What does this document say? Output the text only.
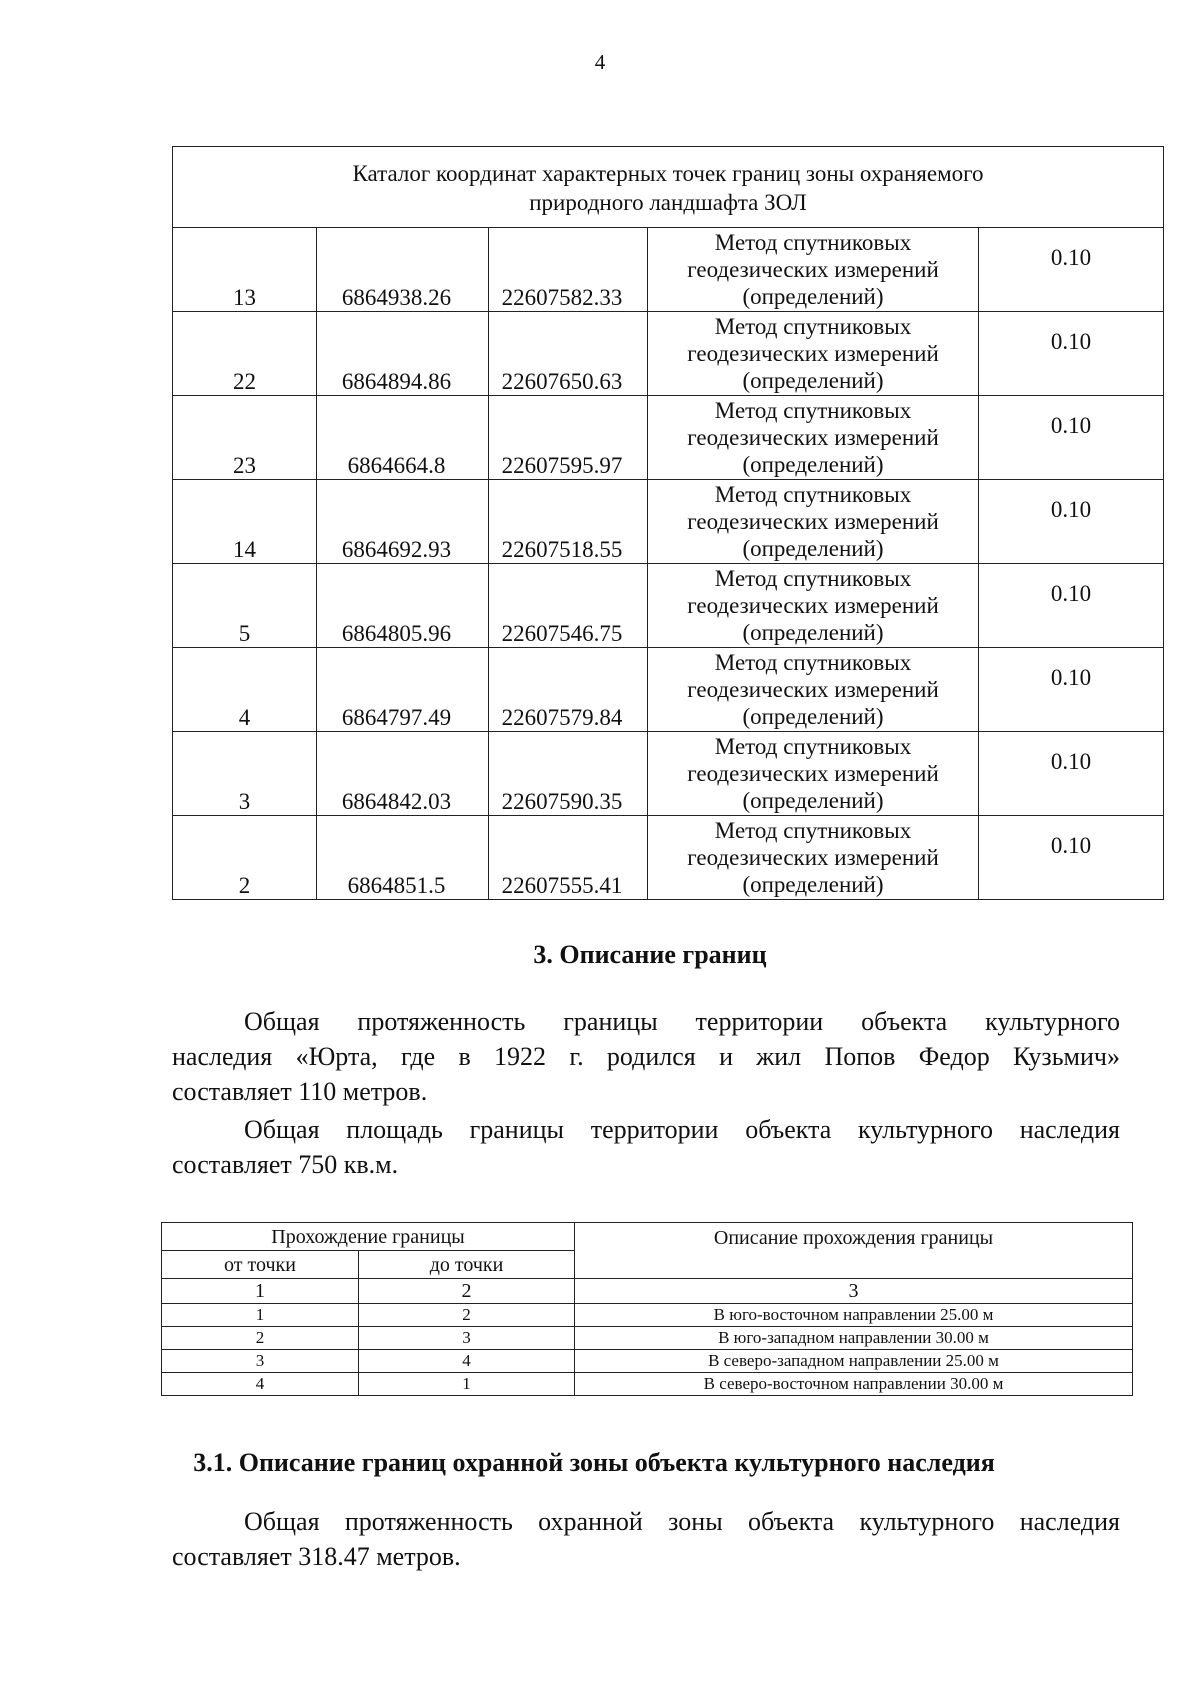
4
Каталог координат характерных точек границ зоны охраняемого
природного ландшафта ЗОЛ				

13	6864938.26	22607582.33	Метод спутниковых
геодезических измерений
(определений)	0.10
22	6864894.86	22607650.63	Метод спутниковых
геодезических измерений
(определений)	0.10
23	6864664.8	22607595.97	Метод спутниковых
геодезических измерений
(определений)	0.10
14	6864692.93	22607518.55	Метод спутниковых
геодезических измерений
(определений)	0.10
5	6864805.96	22607546.75	Метод спутниковых
геодезических измерений
(определений)	0.10
4	6864797.49	22607579.84	Метод спутниковых
геодезических измерений
(определений)	0.10
3	6864842.03	22607590.35	Метод спутниковых
геодезических измерений
(определений)	0.10
2	6864851.5	22607555.41	Метод спутниковых
геодезических измерений
(определений)	0.10
3. Описание границ
Общая протяженность границы территории объекта культурного
наследия «Юрта, где в 1922 г. родился и жил Попов Федор Кузьмич»
составляет 110 метров.
Общая площадь границы территории объекта культурного наследия
составляет 750 кв.м.
Прохождение границы		Описание прохождения границы
от точки	до точки	
1	2	3
1	2	В юго-восточном направлении 25.00 м
2	3	В юго-западном направлении 30.00 м
3	4	В северо-западном направлении 25.00 м
4	1	В северо-восточном направлении 30.00 м
3.1. Описание границ охранной зоны объекта культурного наследия
Общая протяженность охранной зоны объекта культурного наследия
составляет 318.47 метров.
